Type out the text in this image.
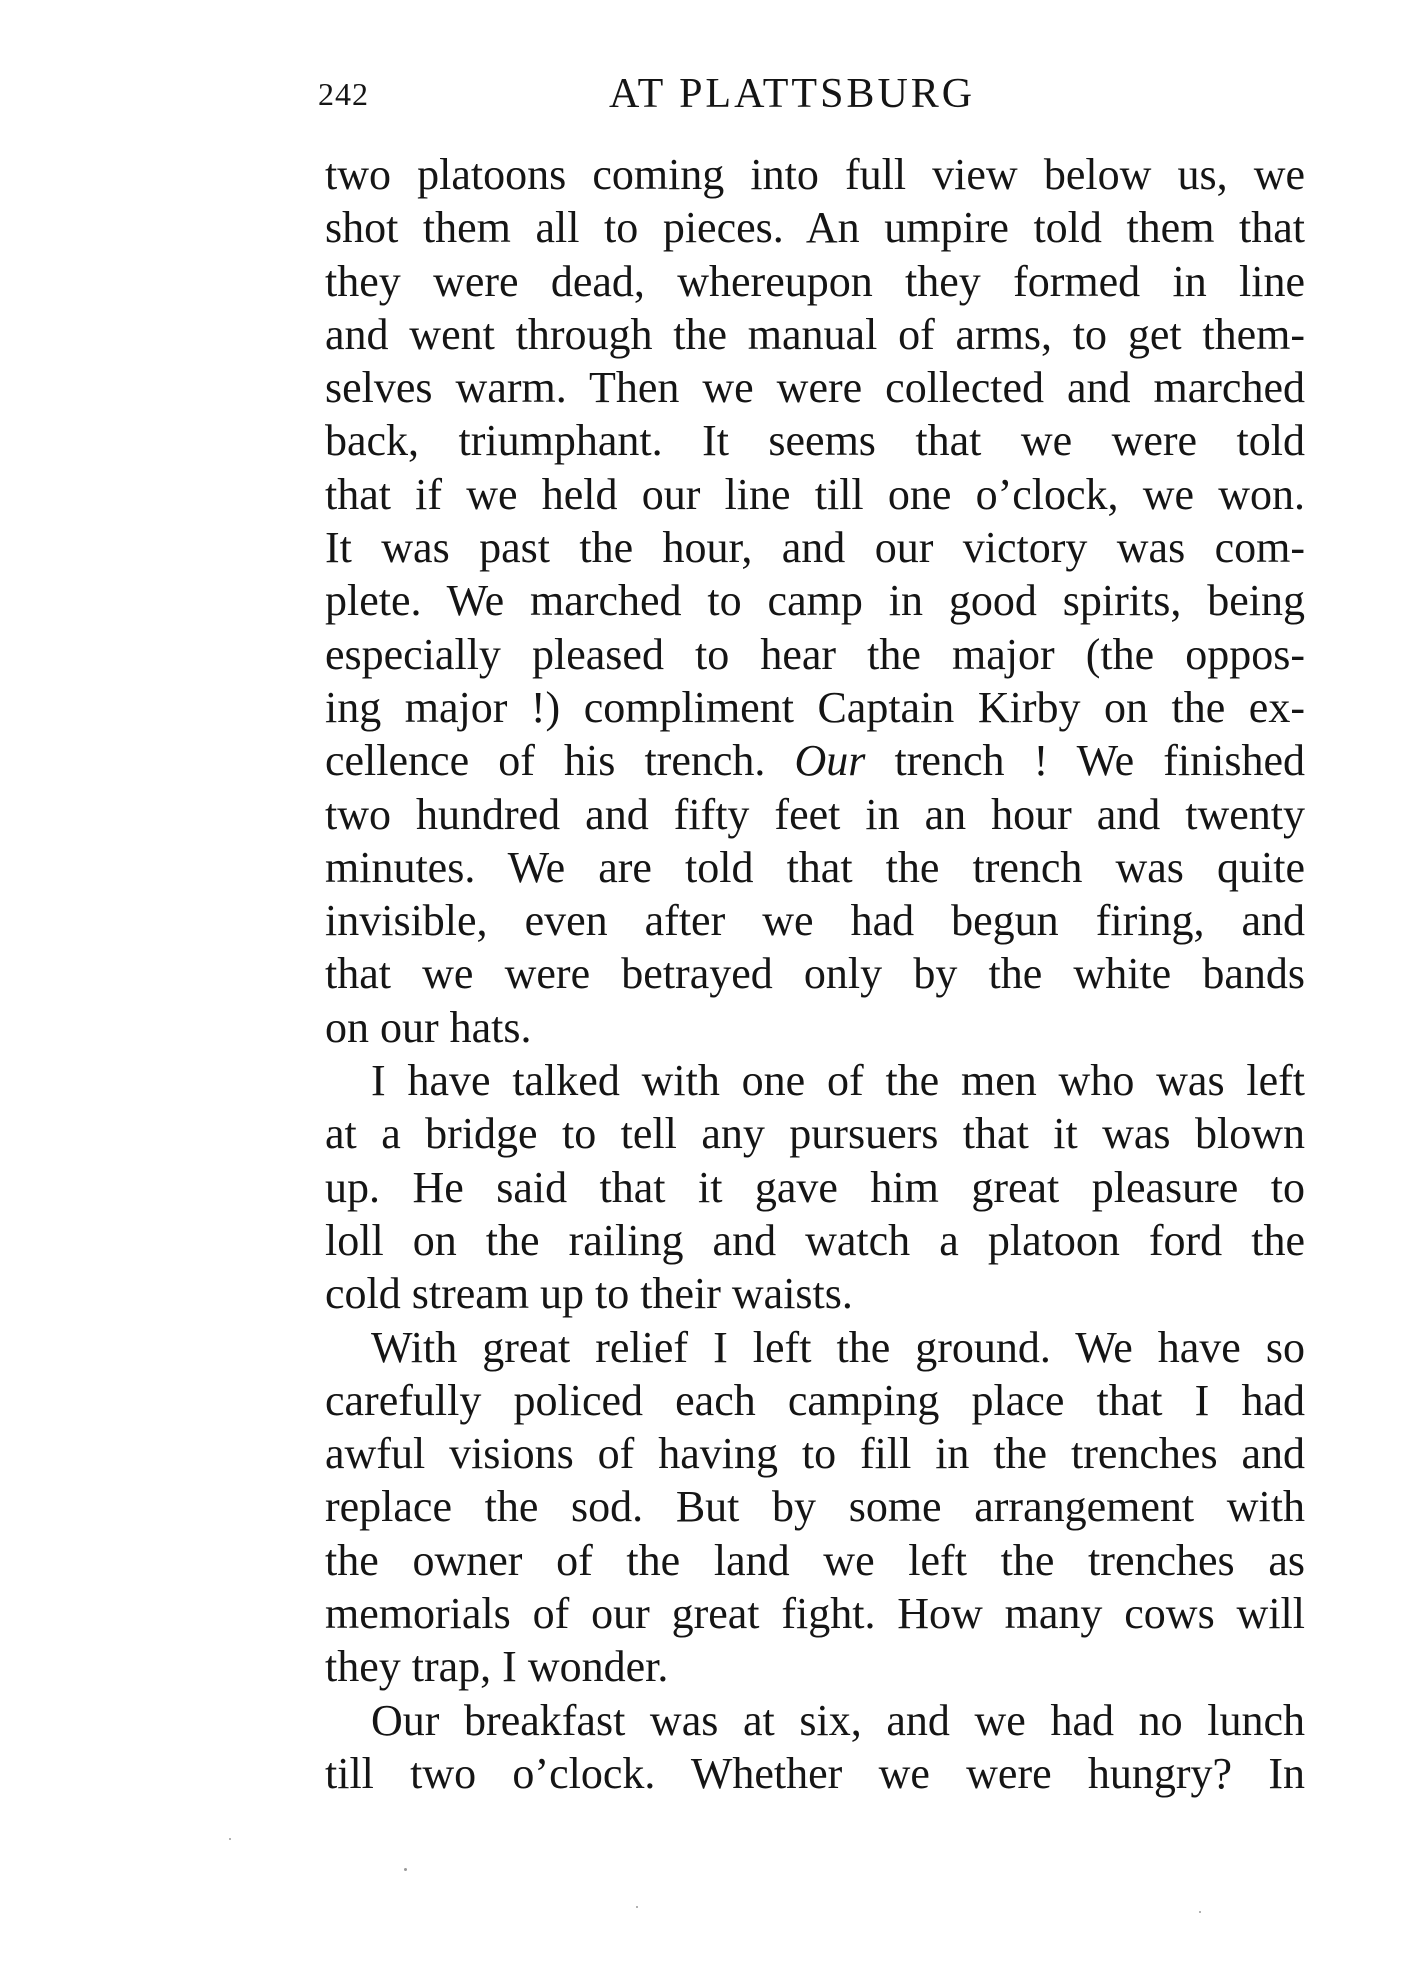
242	AT PLATTSBURG
two platoons coming into full view below us, we
shot them all to pieces. An umpire told them that
they were dead, whereupon they formed in line
and went through the manual of arms, to get them-
selves warm. Then we were collected and marched
back, triumphant. It seems that we were told
that if we held our line till one o’clock, we won.
It was past the hour, and our victory was com-
plete. We marched to camp in good spirits, being
especially pleased to hear the major (the oppos-
ing major !) compliment Captain Kirby on the ex-
cellence of his trench. Our trench ! We finished
two hundred and fifty feet in an hour and twenty
minutes. We are told that the trench was quite
invisible, even after we had begun firing, and
that we were betrayed only by the white bands
on our hats.
I have talked with one of the men who was left
at a bridge to tell any pursuers that it was blown
up. He said that it gave him great pleasure to
loll on the railing and watch a platoon ford the
cold stream up to their waists.
With great relief I left the ground. We have so
carefully policed each camping place that I had
awful visions of having to fill in the trenches and
replace the sod. But by some arrangement with
the owner of the land we left the trenches as
memorials of our great fight. How many cows will
they trap, I wonder.
Our breakfast was at six, and we had no lunch
till two o’clock. Whether we were hungry? In
